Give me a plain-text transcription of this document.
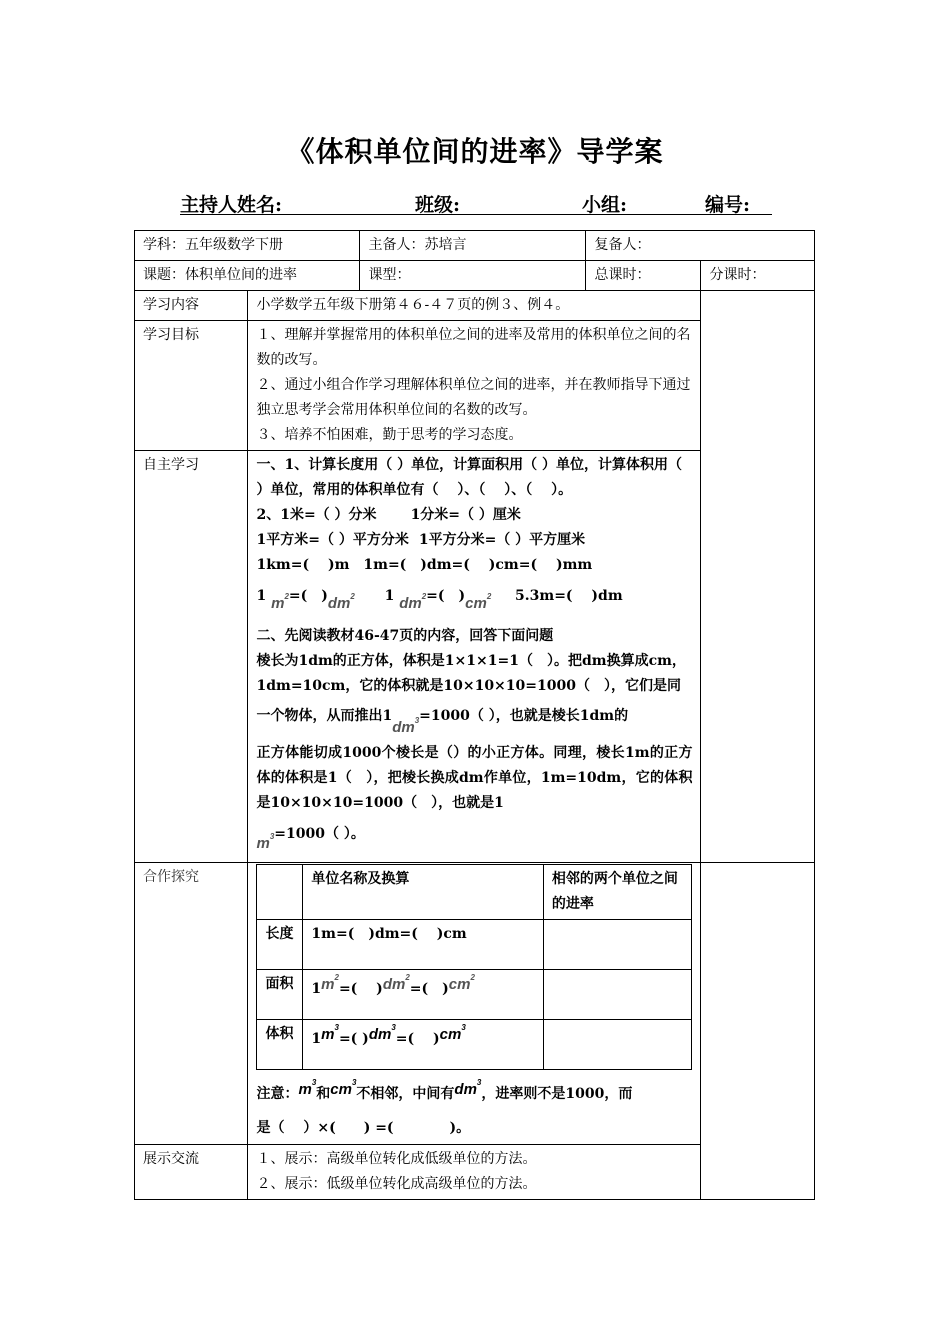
《体积单位间的进率》导学案
主持人姓名:	班级:	小组:	编号:
学科：五年级数学下册	主备人：苏培言	复备人：
课题：体积单位间的进率	课型：	总课时：	分课时：
学习内容	小学数学五年级下册第４６-４７页的例３、例４。	
学习目标	１、理解并掌握常用的体积单位之间的进率及常用的体积单位之间的名数的改写。
２、通过小组合作学习理解体积单位之间的进率，并在教师指导下通过独立思考学会常用体积单位间的名数的改写。
３、培养不怕困难，勤于思考的学习态度。

自主学习	一、1、计算长度用（ ）单位，计算面积用（ ）单位，计算体积用（ ）单位，常用的体积单位有（　 ）、（　 ）、（　 ）。
2、1米=（ ）分米 1分米=（ ）厘米
1平方米=（ ）平方分米 1平方分米=（ ）平方厘米
1km=(　 )m　1m=(　)dm=(　 )cm=(　 )mm
1 $m^2=$(　)$dm^2$ 1 $dm^2=$(　)$cm^2$ 5.3m=(　 )dm
二、先阅读教材46-47页的内容，回答下面问题
棱长为1dm的正方体，体积是1×1×1=1（　）。把dm换算成cm，1dm=10cm，它的体积就是10×10×10=1000（　），它们是同一个物体，从而推出$1dm^3=1000$（ ），也就是棱长1dm的
正方体能切成1000个棱长是（）的小正方体。同理，棱长1m的正方体的体积是1（　），把棱长换成dm作单位，1m=10dm，它的体积是10×10×10=1000（　），也就是1
$m^3=1000$（ ）。

合作探究	
		单位名称及换算	相邻的两个单位之间的进率
长度	1m=(　)dm=(　 )cm	
面积	$1m^2=$(　 )$dm^2=$(　)$cm^2$	
体积	$1m^3=$( )$dm^3=$(　 )$cm^3$	
注意：$m^3$和$cm^3$不相邻，中间有$dm^3$，进率则不是1000，而
是（　 ）×(　　) =(　　　　)。

展示交流	１、展示：高级单位转化成低级单位的方法。
２、展示：低级单位转化成高级单位的方法。
